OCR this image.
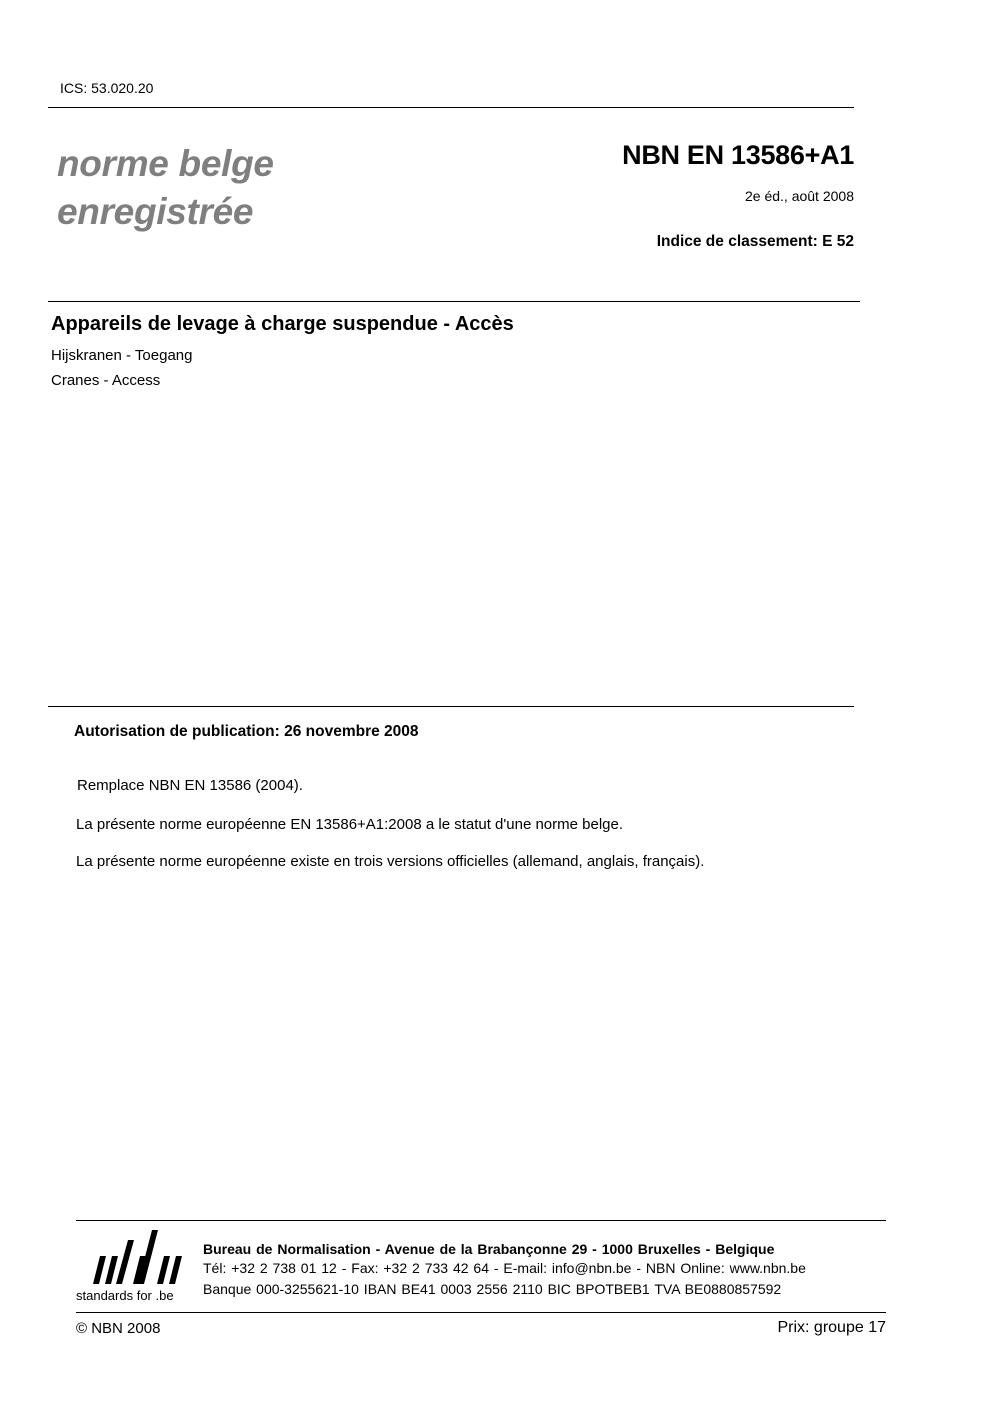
ICS: 53.020.20
norme belge
enregistrée
NBN EN 13586+A1
2e éd., août 2008
Indice de classement: E 52
Appareils de levage à charge suspendue - Accès
Hijskranen - Toegang
Cranes - Access
Autorisation de publication: 26 novembre 2008
Remplace NBN EN 13586 (2004).
La présente norme européenne EN 13586+A1:2008 a le statut d'une norme belge.
La présente norme européenne existe en trois versions officielles (allemand, anglais, français).
standards for .be
Bureau de Normalisation - Avenue de la Brabançonne 29 - 1000 Bruxelles - Belgique
Tél: +32 2 738 01 12 - Fax: +32 2 733 42 64 - E-mail: info@nbn.be - NBN Online: www.nbn.be
Banque 000-3255621-10 IBAN BE41 0003 2556 2110 BIC BPOTBEB1 TVA BE0880857592
© NBN 2008	Prix: groupe 17
